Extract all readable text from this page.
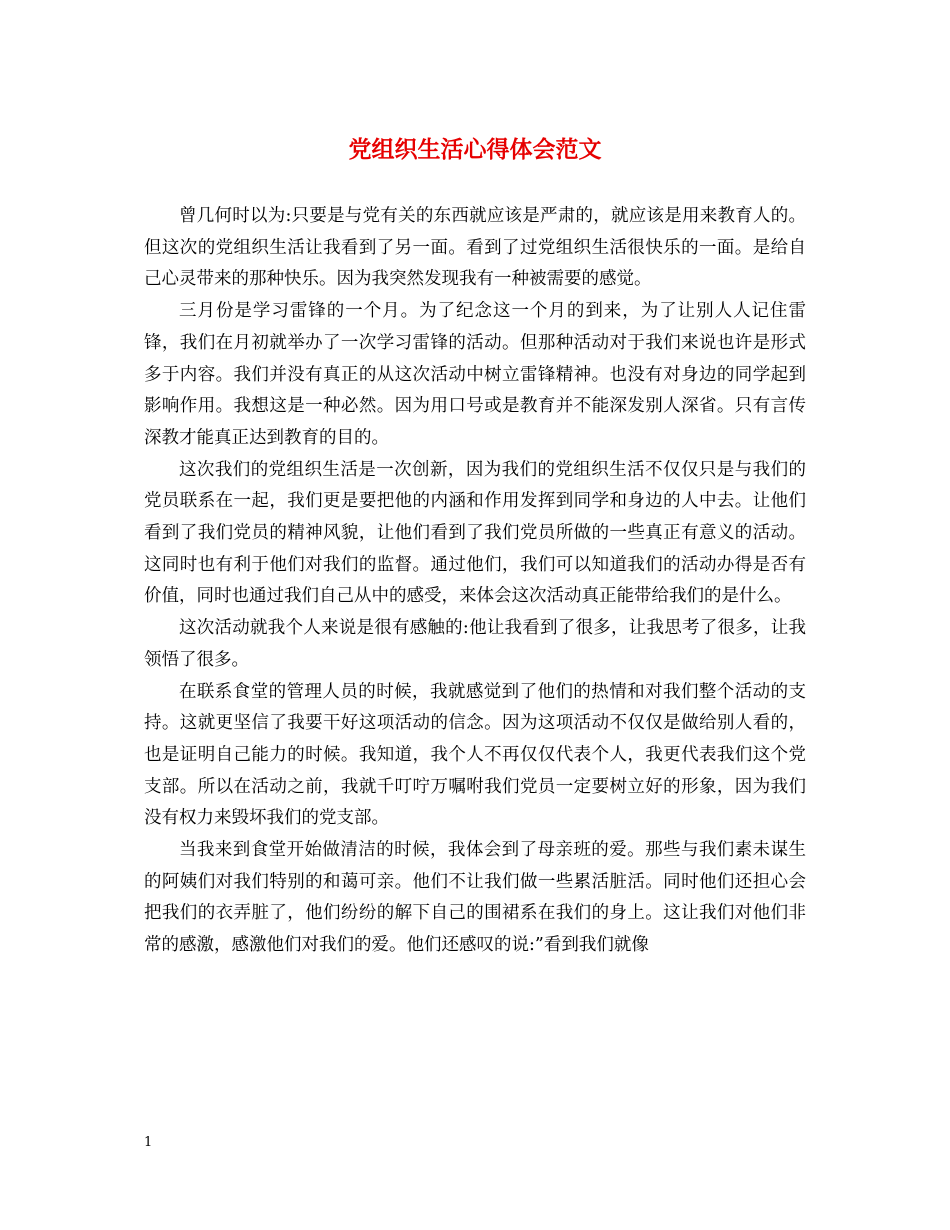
党组织生活心得体会范文

曾几何时以为:只要是与党有关的东西就应该是严肃的，就应该是用来教育人的。但这次的党组织生活让我看到了另一面。看到了过党组织生活很快乐的一面。是给自己心灵带来的那种快乐。因为我突然发现我有一种被需要的感觉。

三月份是学习雷锋的一个月。为了纪念这一个月的到来，为了让别人人记住雷锋，我们在月初就举办了一次学习雷锋的活动。但那种活动对于我们来说也许是形式多于内容。我们并没有真正的从这次活动中树立雷锋精神。也没有对身边的同学起到影响作用。我想这是一种必然。因为用口号或是教育并不能深发别人深省。只有言传深教才能真正达到教育的目的。

这次我们的党组织生活是一次创新，因为我们的党组织生活不仅仅只是与我们的党员联系在一起，我们更是要把他的内涵和作用发挥到同学和身边的人中去。让他们看到了我们党员的精神风貌，让他们看到了我们党员所做的一些真正有意义的活动。这同时也有利于他们对我们的监督。通过他们，我们可以知道我们的活动办得是否有价值，同时也通过我们自己从中的感受，来体会这次活动真正能带给我们的是什么。

这次活动就我个人来说是很有感触的:他让我看到了很多，让我思考了很多，让我领悟了很多。

在联系食堂的管理人员的时候，我就感觉到了他们的热情和对我们整个活动的支持。这就更坚信了我要干好这项活动的信念。因为这项活动不仅仅是做给别人看的，也是证明自己能力的时候。我知道，我个人不再仅仅代表个人，我更代表我们这个党支部。所以在活动之前，我就千叮咛万嘱咐我们党员一定要树立好的形象，因为我们没有权力来毁坏我们的党支部。

当我来到食堂开始做清洁的时候，我体会到了母亲班的爱。那些与我们素未谋生的阿姨们对我们特别的和蔼可亲。他们不让我们做一些累活脏活。同时他们还担心会把我们的衣弄脏了，他们纷纷的解下自己的围裙系在我们的身上。这让我们对他们非常的感激，感激他们对我们的爱。他们还感叹的说:”看到我们就像

1
